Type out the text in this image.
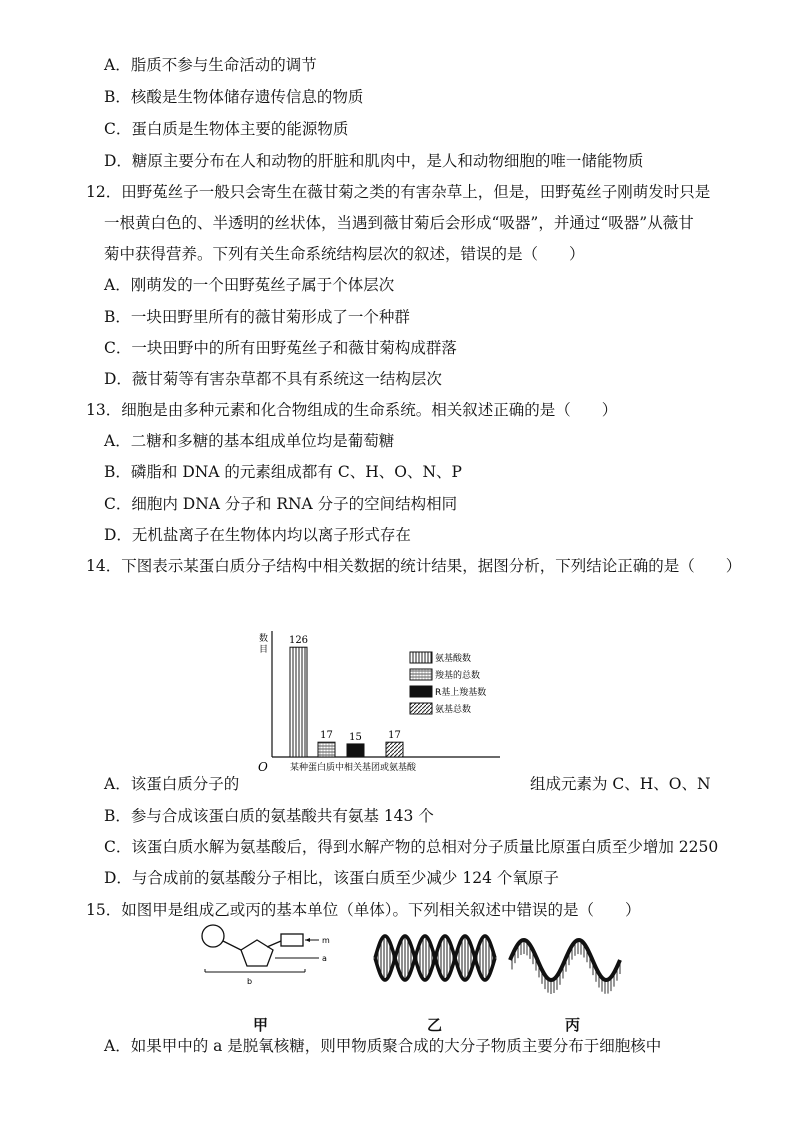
A．脂质不参与生命活动的调节
B．核酸是生物体储存遗传信息的物质
C．蛋白质是生物体主要的能源物质
D．糖原主要分布在人和动物的肝脏和肌肉中，是人和动物细胞的唯一储能物质
12．田野菟丝子一般只会寄生在薇甘菊之类的有害杂草上，但是，田野菟丝子刚萌发时只是
一根黄白色的、半透明的丝状体，当遇到薇甘菊后会形成“吸器”，并通过“吸器”从薇甘
菊中获得营养。下列有关生命系统结构层次的叙述，错误的是（　　）
A．刚萌发的一个田野菟丝子属于个体层次
B．一块田野里所有的薇甘菊形成了一个种群
C．一块田野中的所有田野菟丝子和薇甘菊构成群落
D．薇甘菊等有害杂草都不具有系统这一结构层次
13．细胞是由多种元素和化合物组成的生命系统。相关叙述正确的是（　　）
A．二糖和多糖的基本组成单位均是葡萄糖
B．磷脂和 DNA 的元素组成都有 C、H、O、N、P
C．细胞内 DNA 分子和 RNA 分子的空间结构相同
D．无机盐离子在生物体内均以离子形式存在
14．下图表示某蛋白质分子结构中相关数据的统计结果，据图分析，下列结论正确的是（　　）
数
目
O 某种蛋白质中相关基团或氨基酸
126
17 15	17
氨基酸数
羧基的总数
R基上羧基数
氨基总数
A．该蛋白质分子的	组成元素为 C、H、O、N
B．参与合成该蛋白质的氨基酸共有氨基 143 个
C．该蛋白质水解为氨基酸后，得到水解产物的总相对分子质量比原蛋白质至少增加 2250
D．与合成前的氨基酸分子相比，该蛋白质至少减少 124 个氧原子
15．如图甲是组成乙或丙的基本单位（单体）。下列相关叙述中错误的是（　　）
m
a
b
甲	乙	丙
A．如果甲中的 a 是脱氧核糖，则甲物质聚合成的大分子物质主要分布于细胞核中
